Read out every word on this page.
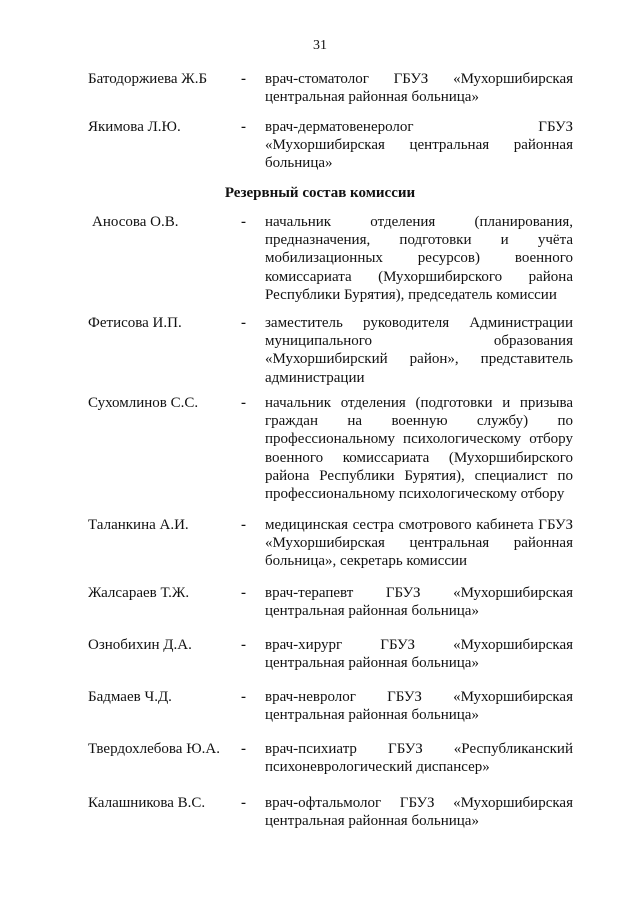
31
Батодоржиева Ж.Б - врач-стоматолог ГБУЗ «Мухоршибирская центральная районная больница»
Якимова Л.Ю.	- врач-дерматовенеролог ГБУЗ «Мухоршибирская центральная районная больница»
Резервный состав комиссии
Аносова О.В.	- начальник отделения (планирования, предназначения, подготовки и учёта мобилизационных ресурсов) военного комиссариата (Мухоршибирского района Республики Бурятия), председатель комиссии
Фетисова И.П.	- заместитель руководителя Администрации муниципального образования «Мухоршибирский район», представитель администрации
Сухомлинов С.С.	- начальник отделения (подготовки и призыва граждан на военную службу) по профессиональному психологическому отбору военного комиссариата (Мухоршибирского района Республики Бурятия), специалист по профессиональному психологическому отбору
Таланкина А.И.	- медицинская сестра смотрового кабинета ГБУЗ «Мухоршибирская центральная районная больница», секретарь комиссии
Жалсараев Т.Ж.	- врач-терапевт ГБУЗ «Мухоршибирская центральная районная больница»
Ознобихин Д.А.	- врач-хирург ГБУЗ «Мухоршибирская центральная районная больница»
Бадмаев Ч.Д.	- врач-невролог ГБУЗ «Мухоршибирская центральная районная больница»
Твердохлебова Ю.А. - врач-психиатр ГБУЗ «Республиканский психоневрологический диспансер»
Калашникова В.С. - врач-офтальмолог ГБУЗ «Мухоршибирская центральная районная больница»
